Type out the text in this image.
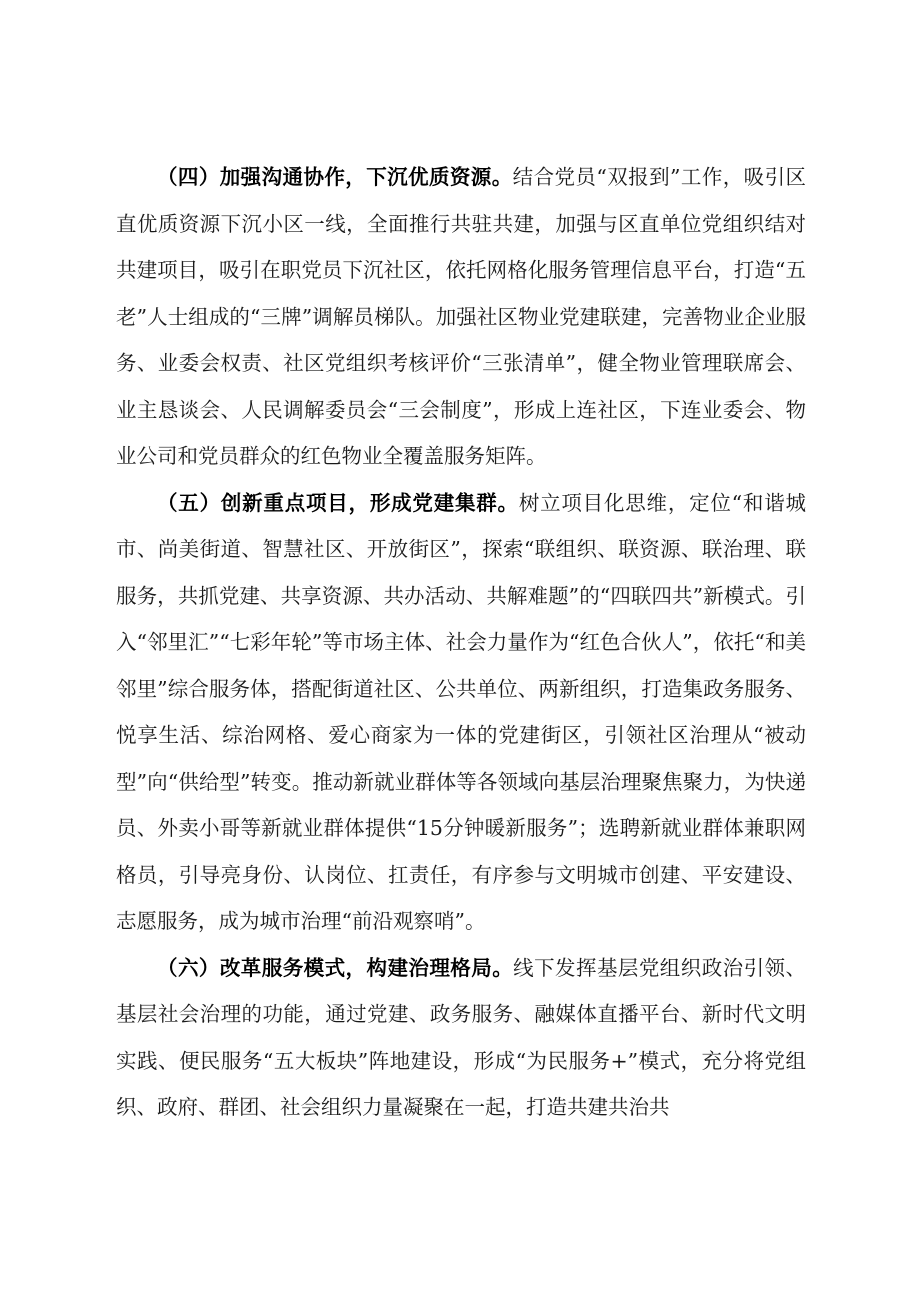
（四）加强沟通协作，下沉优质资源。结合党员“双报到”工作，吸引区直优质资源下沉小区一线，全面推行共驻共建，加强与区直单位党组织结对共建项目，吸引在职党员下沉社区，依托网格化服务管理信息平台，打造“五老”人士组成的“三牌”调解员梯队。加强社区物业党建联建，完善物业企业服务、业委会权责、社区党组织考核评价“三张清单”，健全物业管理联席会、业主恳谈会、人民调解委员会“三会制度”，形成上连社区，下连业委会、物业公司和党员群众的红色物业全覆盖服务矩阵。

（五）创新重点项目，形成党建集群。树立项目化思维，定位“和谐城市、尚美街道、智慧社区、开放街区”，探索“联组织、联资源、联治理、联服务，共抓党建、共享资源、共办活动、共解难题”的“四联四共”新模式。引入“邻里汇”“七彩年轮”等市场主体、社会力量作为“红色合伙人”，依托“和美邻里”综合服务体，搭配街道社区、公共单位、两新组织，打造集政务服务、悦享生活、综治网格、爱心商家为一体的党建街区，引领社区治理从“被动型”向“供给型”转变。推动新就业群体等各领域向基层治理聚焦聚力，为快递员、外卖小哥等新就业群体提供“15分钟暖新服务”；选聘新就业群体兼职网格员，引导亮身份、认岗位、扛责任，有序参与文明城市创建、平安建设、志愿服务，成为城市治理“前沿观察哨”。

（六）改革服务模式，构建治理格局。线下发挥基层党组织政治引领、基层社会治理的功能，通过党建、政务服务、融媒体直播平台、新时代文明实践、便民服务“五大板块”阵地建设，形成“为民服务+”模式，充分将党组织、政府、群团、社会组织力量凝聚在一起，打造共建共治共
